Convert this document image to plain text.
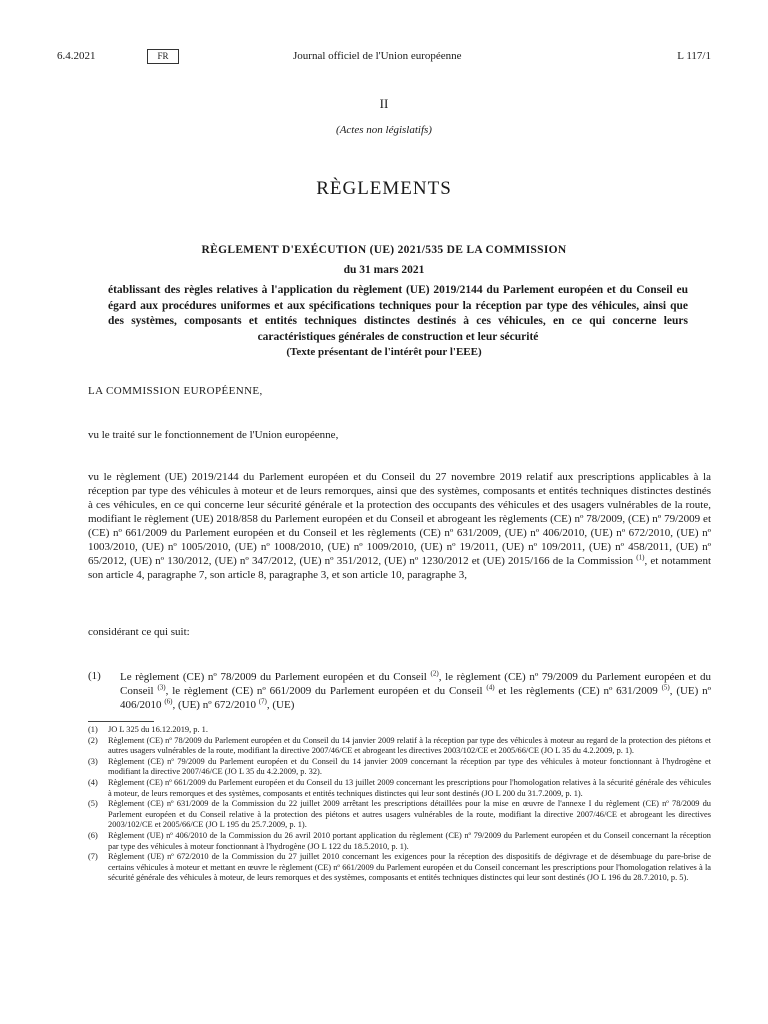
6.4.2021	FR	Journal officiel de l'Union européenne	L 117/1
II
(Actes non législatifs)
RÈGLEMENTS
RÈGLEMENT D'EXÉCUTION (UE) 2021/535 DE LA COMMISSION
du 31 mars 2021
établissant des règles relatives à l'application du règlement (UE) 2019/2144 du Parlement européen et du Conseil eu égard aux procédures uniformes et aux spécifications techniques pour la réception par type des véhicules, ainsi que des systèmes, composants et entités techniques distinctes destinés à ces véhicules, en ce qui concerne leurs caractéristiques générales de construction et leur sécurité
(Texte présentant de l'intérêt pour l'EEE)
LA COMMISSION EUROPÉENNE,
vu le traité sur le fonctionnement de l'Union européenne,
vu le règlement (UE) 2019/2144 du Parlement européen et du Conseil du 27 novembre 2019 relatif aux prescriptions applicables à la réception par type des véhicules à moteur et de leurs remorques, ainsi que des systèmes, composants et entités techniques distinctes destinés à ces véhicules, en ce qui concerne leur sécurité générale et la protection des occupants des véhicules et des usagers vulnérables de la route, modifiant le règlement (UE) 2018/858 du Parlement européen et du Conseil et abrogeant les règlements (CE) nº 78/2009, (CE) nº 79/2009 et (CE) nº 661/2009 du Parlement européen et du Conseil et les règlements (CE) nº 631/2009, (UE) nº 406/2010, (UE) nº 672/2010, (UE) nº 1003/2010, (UE) nº 1005/2010, (UE) nº 1008/2010, (UE) nº 1009/2010, (UE) nº 19/2011, (UE) nº 109/2011, (UE) nº 458/2011, (UE) nº 65/2012, (UE) nº 130/2012, (UE) nº 347/2012, (UE) nº 351/2012, (UE) nº 1230/2012 et (UE) 2015/166 de la Commission $^{(1)}$, et notamment son article 4, paragraphe 7, son article 8, paragraphe 3, et son article 10, paragraphe 3,
considérant ce qui suit:
(1) Le règlement (CE) nº 78/2009 du Parlement européen et du Conseil $^{(2)}$, le règlement (CE) nº 79/2009 du Parlement européen et du Conseil $^{(3)}$, le règlement (CE) nº 661/2009 du Parlement européen et du Conseil $^{(4)}$ et les règlements (CE) nº 631/2009 $^{(5)}$, (UE) nº 406/2010 $^{(6)}$, (UE) nº 672/2010 $^{(7)}$, (UE)

(1) JO L 325 du 16.12.2019, p. 1.

(2) Règlement (CE) nº 78/2009 du Parlement européen et du Conseil du 14 janvier 2009 relatif à la réception par type des véhicules à moteur au regard de la protection des piétons et autres usagers vulnérables de la route, modifiant la directive 2007/46/CE et abrogeant les directives 2003/102/CE et 2005/66/CE (JO L 35 du 4.2.2009, p. 1).

(3) Règlement (CE) nº 79/2009 du Parlement européen et du Conseil du 14 janvier 2009 concernant la réception par type des véhicules à moteur fonctionnant à l'hydrogène et modifiant la directive 2007/46/CE (JO L 35 du 4.2.2009, p. 32).

(4) Règlement (CE) nº 661/2009 du Parlement européen et du Conseil du 13 juillet 2009 concernant les prescriptions pour l'homologation relatives à la sécurité générale des véhicules à moteur, de leurs remorques et des systèmes, composants et entités techniques distinctes qui leur sont destinés (JO L 200 du 31.7.2009, p. 1).

(5) Règlement (CE) nº 631/2009 de la Commission du 22 juillet 2009 arrêtant les prescriptions détaillées pour la mise en œuvre de l'annexe I du règlement (CE) nº 78/2009 du Parlement européen et du Conseil relative à la protection des piétons et autres usagers vulnérables de la route, modifiant la directive 2007/46/CE et abrogeant les directives 2003/102/CE et 2005/66/CE (JO L 195 du 25.7.2009, p. 1).

(6) Règlement (UE) nº 406/2010 de la Commission du 26 avril 2010 portant application du règlement (CE) nº 79/2009 du Parlement européen et du Conseil concernant la réception par type des véhicules à moteur fonctionnant à l'hydrogène (JO L 122 du 18.5.2010, p. 1).

(7) Règlement (UE) nº 672/2010 de la Commission du 27 juillet 2010 concernant les exigences pour la réception des dispositifs de dégivrage et de désembuage du pare-brise de certains véhicules à moteur et mettant en œuvre le règlement (CE) nº 661/2009 du Parlement européen et du Conseil concernant les prescriptions pour l'homologation relatives à la sécurité générale des véhicules à moteur, de leurs remorques et des systèmes, composants et entités techniques distinctes qui leur sont destinés (JO L 196 du 28.7.2010, p. 5).
